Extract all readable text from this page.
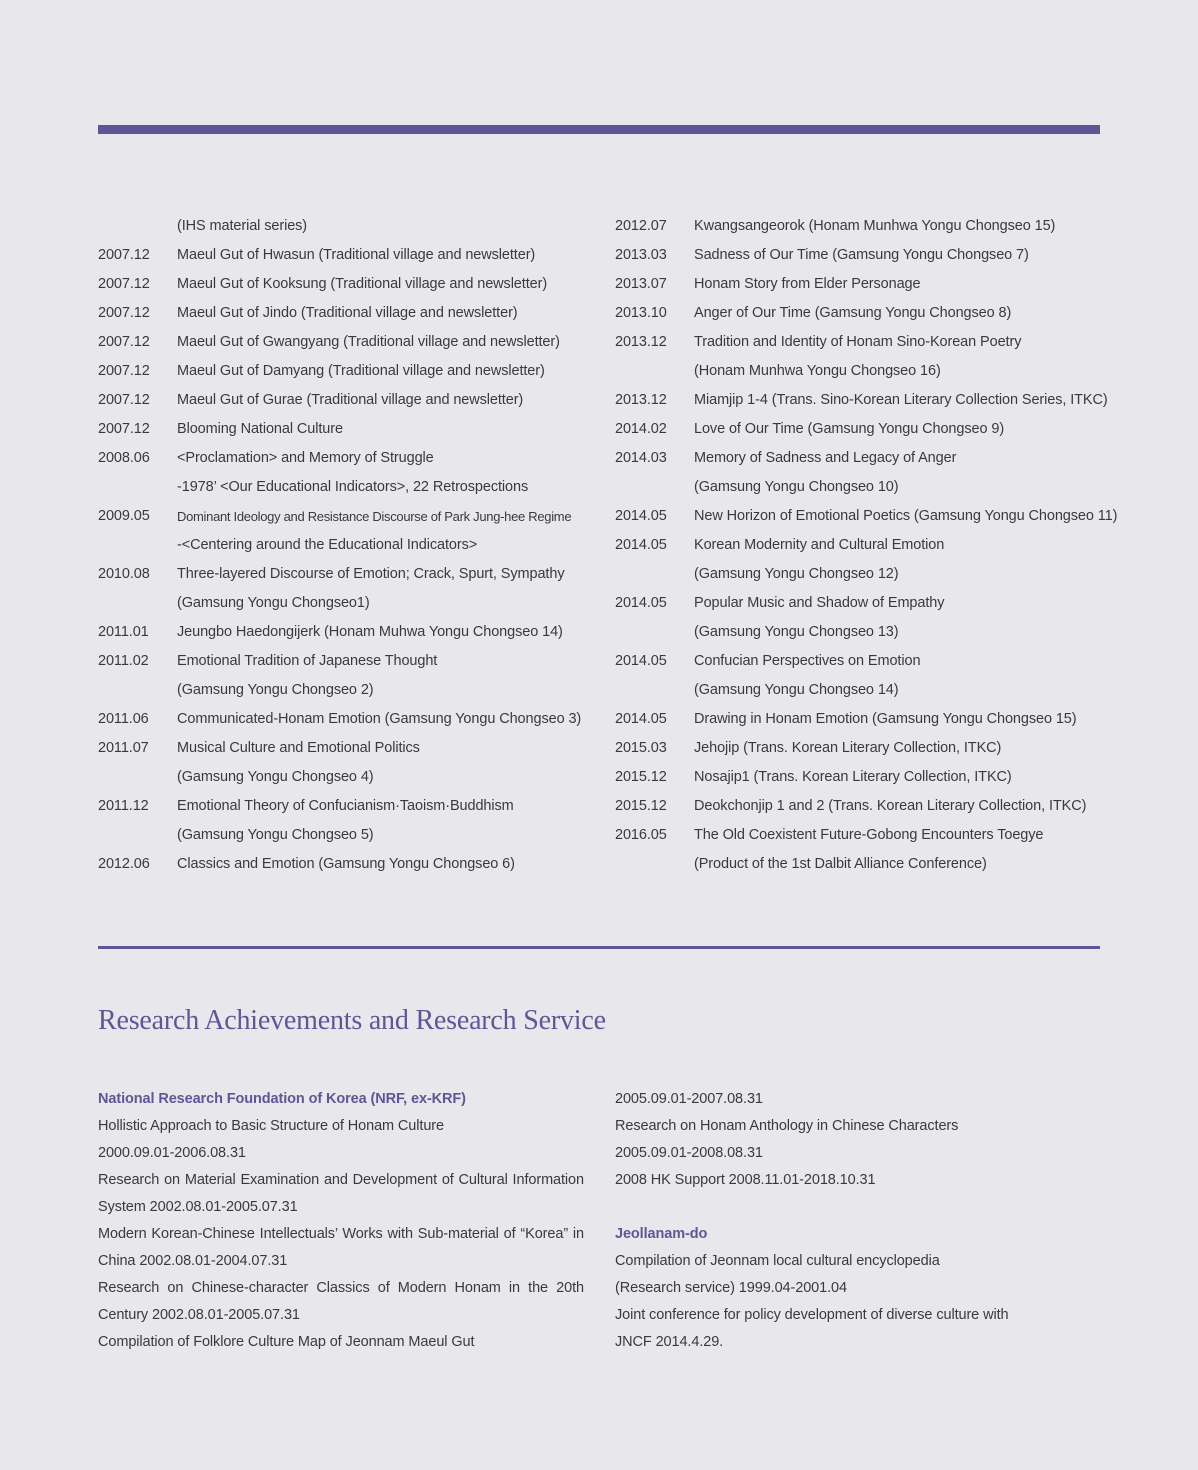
(IHS material series)
2007.12	Maeul Gut of Hwasun (Traditional village and newsletter)
2007.12	Maeul Gut of Kooksung (Traditional village and newsletter)
2007.12	Maeul Gut of Jindo (Traditional village and newsletter)
2007.12	Maeul Gut of Gwangyang (Traditional village and newsletter)
2007.12	Maeul Gut of Damyang (Traditional village and newsletter)
2007.12	Maeul Gut of Gurae (Traditional village and newsletter)
2007.12	Blooming National Culture
2008.06	<Proclamation> and Memory of Struggle
-1978’ <Our Educational Indicators>, 22 Retrospections
2009.05	Dominant Ideology and Resistance Discourse of Park Jung-hee Regime
-<Centering around the Educational Indicators>
2010.08	Three-layered Discourse of Emotion; Crack, Spurt, Sympathy
(Gamsung Yongu Chongseo1)
2011.01	Jeungbo Haedongijerk (Honam Muhwa Yongu Chongseo 14)
2011.02	Emotional Tradition of Japanese Thought
(Gamsung Yongu Chongseo 2)
2011.06	Communicated-Honam Emotion (Gamsung Yongu Chongseo 3)
2011.07	Musical Culture and Emotional Politics
(Gamsung Yongu Chongseo 4)
2011.12	Emotional Theory of Confucianism·Taoism·Buddhism
(Gamsung Yongu Chongseo 5)
2012.06	Classics and Emotion (Gamsung Yongu Chongseo 6)
2012.07	Kwangsangeorok (Honam Munhwa Yongu Chongseo 15)
2013.03	Sadness of Our Time (Gamsung Yongu Chongseo 7)
2013.07	Honam Story from Elder Personage
2013.10	Anger of Our Time (Gamsung Yongu Chongseo 8)
2013.12	Tradition and Identity of Honam Sino-Korean Poetry
(Honam Munhwa Yongu Chongseo 16)
2013.12	Miamjip 1-4 (Trans. Sino-Korean Literary Collection Series, ITKC)
2014.02	Love of Our Time (Gamsung Yongu Chongseo 9)
2014.03	Memory of Sadness and Legacy of Anger
(Gamsung Yongu Chongseo 10)
2014.05	New Horizon of Emotional Poetics (Gamsung Yongu Chongseo 11)
2014.05	Korean Modernity and Cultural Emotion
(Gamsung Yongu Chongseo 12)
2014.05	Popular Music and Shadow of Empathy
(Gamsung Yongu Chongseo 13)
2014.05	Confucian Perspectives on Emotion
(Gamsung Yongu Chongseo 14)
2014.05	Drawing in Honam Emotion (Gamsung Yongu Chongseo 15)
2015.03	Jehojip (Trans. Korean Literary Collection, ITKC)
2015.12	Nosajip1 (Trans. Korean Literary Collection, ITKC)
2015.12	Deokchonjip 1 and 2 (Trans. Korean Literary Collection, ITKC)
2016.05	The Old Coexistent Future-Gobong Encounters Toegye
(Product of the 1st Dalbit Alliance Conference)
Research Achievements and Research Service
National Research Foundation of Korea (NRF, ex-KRF)
Hollistic Approach to Basic Structure of Honam Culture
2000.09.01-2006.08.31
Research on Material Examination and Development of Cultural Information
System 2002.08.01-2005.07.31
Modern Korean-Chinese Intellectuals’ Works with Sub-material of “Korea” in
China 2002.08.01-2004.07.31
Research on Chinese-character Classics of Modern Honam in the 20th
Century 2002.08.01-2005.07.31
Compilation of Folklore Culture Map of Jeonnam Maeul Gut
2005.09.01-2007.08.31
Research on Honam Anthology in Chinese Characters
2005.09.01-2008.08.31
2008 HK Support 2008.11.01-2018.10.31
Jeollanam-do
Compilation of Jeonnam local cultural encyclopedia
(Research service) 1999.04-2001.04
Joint conference for policy development of diverse culture with
JNCF 2014.4.29.
